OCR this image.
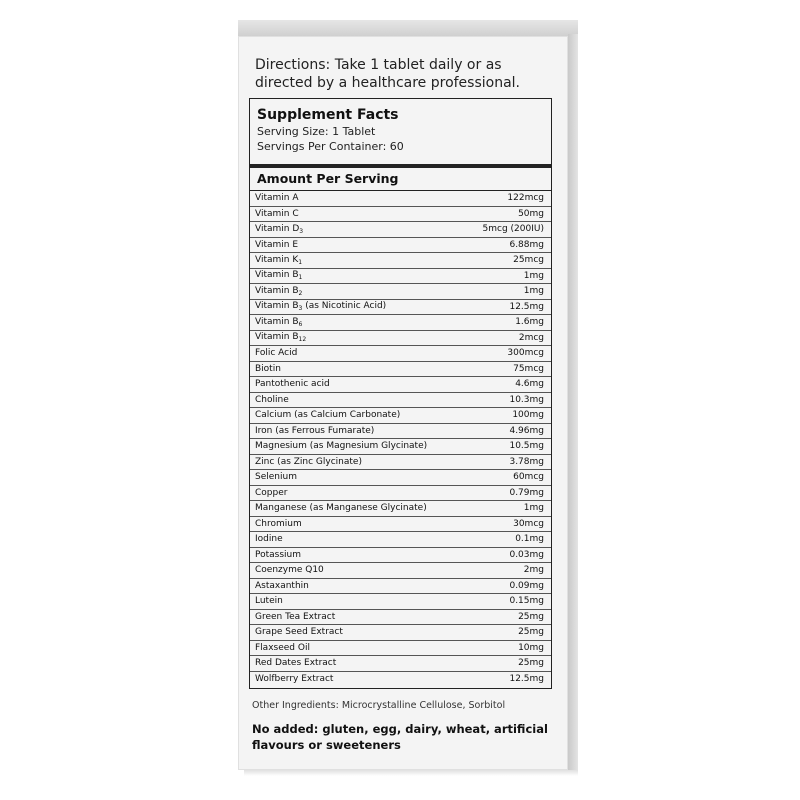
Directions: Take 1 tablet daily or as directed by a healthcare professional.
Supplement Facts
Serving Size: 1 Tablet
Servings Per Container: 60
Amount Per Serving
Vitamin A	122mcg
Vitamin C	50mg
Vitamin $D_3$	5mcg (200IU)
Vitamin E	6.88mg
Vitamin $K_1$	25mcg
Vitamin $B_1$	1mg
Vitamin $B_2$	1mg
Vitamin $B_3$ (as Nicotinic Acid)	12.5mg
Vitamin $B_6$	1.6mg
Vitamin $B_{12}$	2mcg
Folic Acid	300mcg
Biotin	75mcg
Pantothenic acid	4.6mg
Choline	10.3mg
Calcium (as Calcium Carbonate)	100mg
Iron (as Ferrous Fumarate)	4.96mg
Magnesium (as Magnesium Glycinate)	10.5mg
Zinc (as Zinc Glycinate)	3.78mg
Selenium	60mcg
Copper	0.79mg
Manganese (as Manganese Glycinate)	1mg
Chromium	30mcg
Iodine	0.1mg
Potassium	0.03mg
Coenzyme Q10	2mg
Astaxanthin	0.09mg
Lutein	0.15mg
Green Tea Extract	25mg
Grape Seed Extract	25mg
Flaxseed Oil	10mg
Red Dates Extract	25mg
Wolfberry Extract	12.5mg
Other Ingredients: Microcrystalline Cellulose, Sorbitol
No added: gluten, egg, dairy, wheat, artificial flavours or sweeteners
